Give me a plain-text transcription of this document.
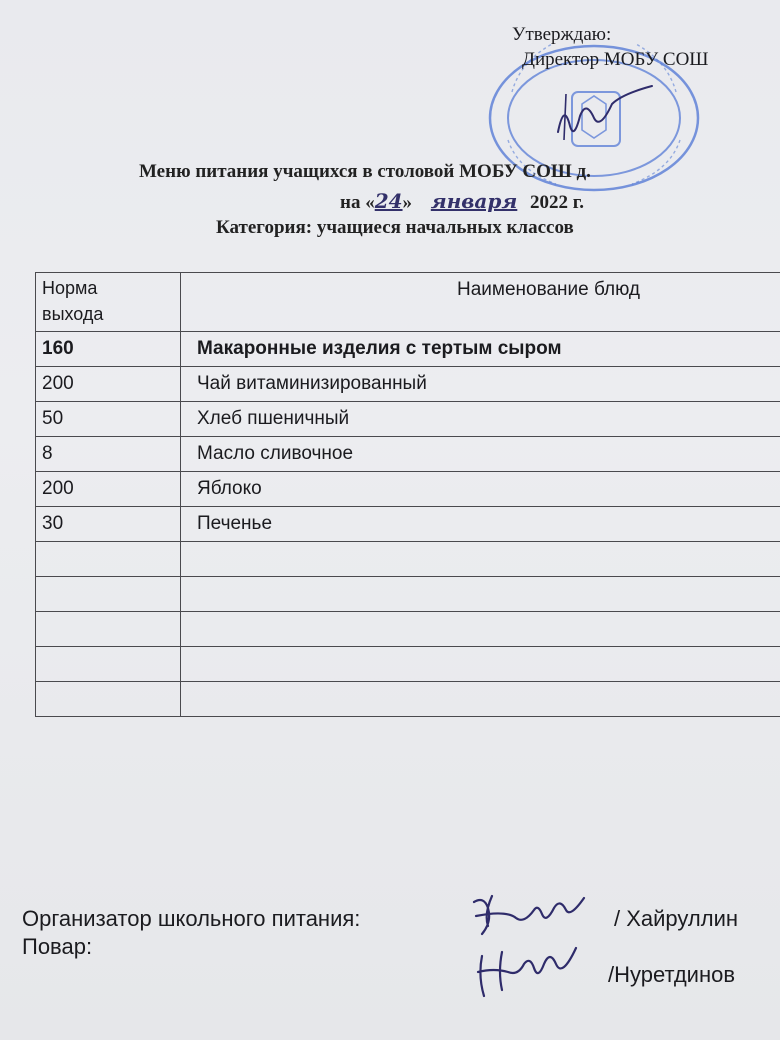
Утверждаю:
Директор МОБУ СОШ
Меню питания учащихся в столовой МОБУ СОШ д.
на «24» января 2022 г.
Категория: учащиеся начальных классов
Норма выхода	Наименование блюд

160	Макаронные изделия с тертым сыром
200	Чай витаминизированный
50	Хлеб пшеничный
8	Масло сливочное
200	Яблоко
30	Печенье

Организатор школьного питания:	/ Хайруллин
Повар:
/Нуретдинов
